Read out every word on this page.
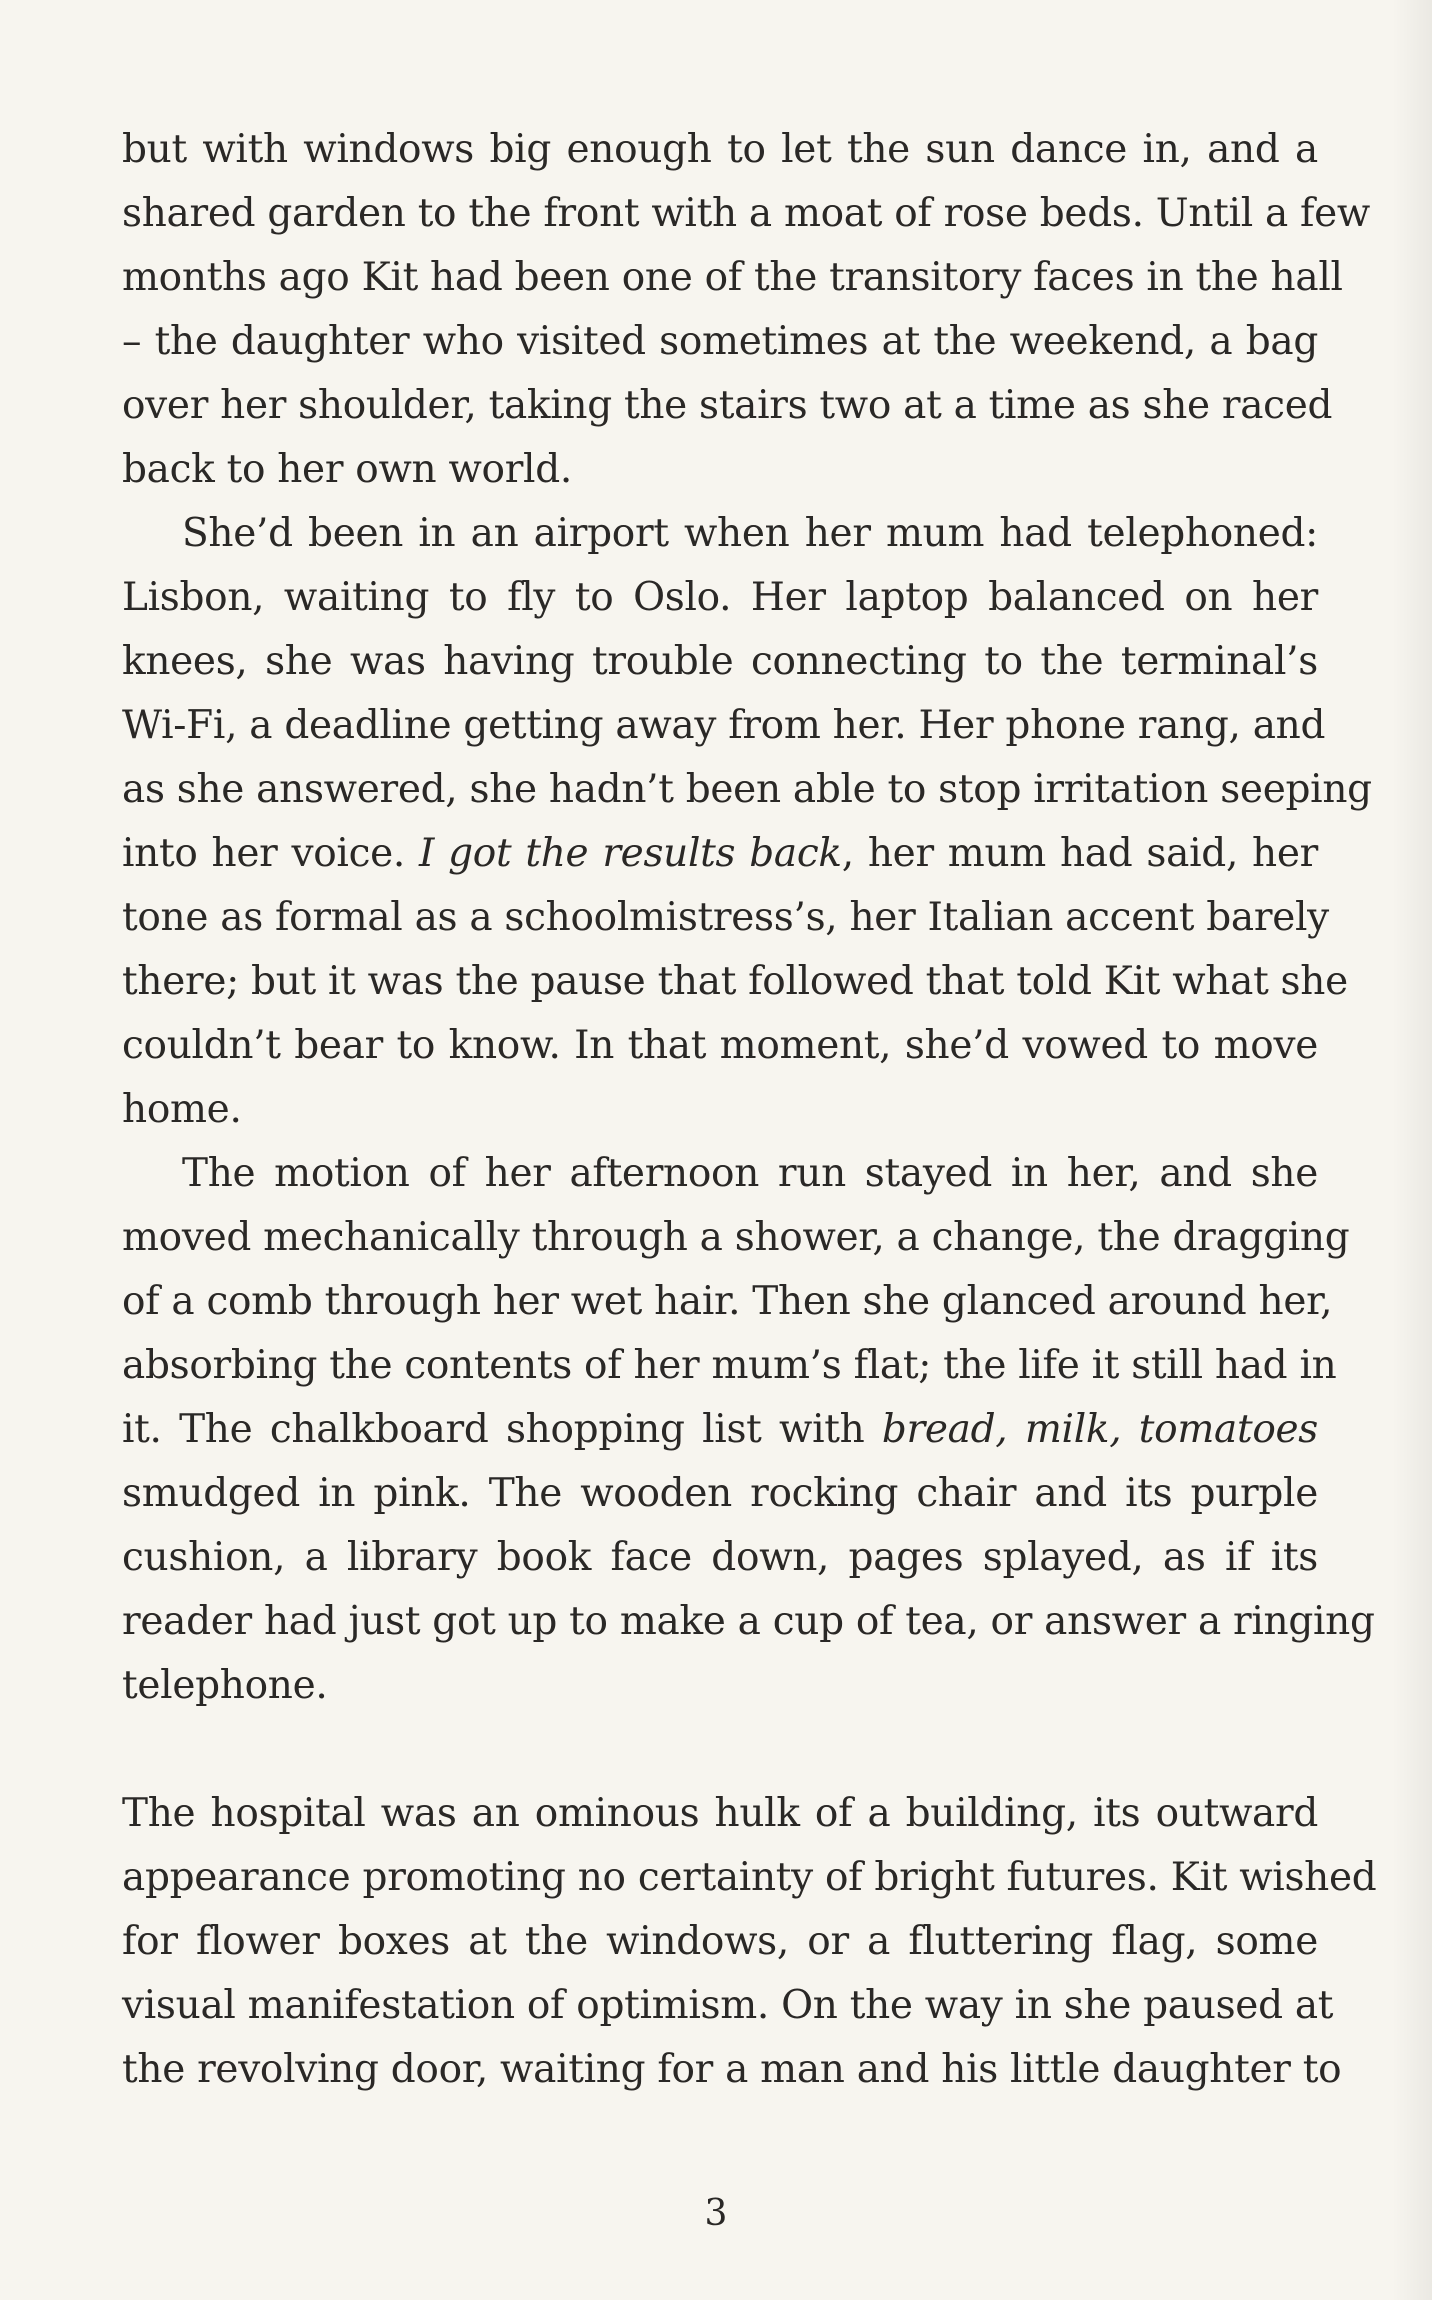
but with windows big enough to let the sun dance in, and a
shared garden to the front with a moat of rose beds. Until a few
months ago Kit had been one of the transitory faces in the hall
– the daughter who visited sometimes at the weekend, a bag
over her shoulder, taking the stairs two at a time as she raced
back to her own world.
She’d been in an airport when her mum had telephoned:
Lisbon, waiting to fly to Oslo. Her laptop balanced on her
knees, she was having trouble connecting to the terminal’s
Wi-Fi, a deadline getting away from her. Her phone rang, and
as she answered, she hadn’t been able to stop irritation seeping
into her voice. I got the results back, her mum had said, her
tone as formal as a schoolmistress’s, her Italian accent barely
there; but it was the pause that followed that told Kit what she
couldn’t bear to know. In that moment, she’d vowed to move
home.
The motion of her afternoon run stayed in her, and she
moved mechanically through a shower, a change, the dragging
of a comb through her wet hair. Then she glanced around her,
absorbing the contents of her mum’s flat; the life it still had in
it. The chalkboard shopping list with bread, milk, tomatoes
smudged in pink. The wooden rocking chair and its purple
cushion, a library book face down, pages splayed, as if its
reader had just got up to make a cup of tea, or answer a ringing
telephone.
The hospital was an ominous hulk of a building, its outward
appearance promoting no certainty of bright futures. Kit wished
for flower boxes at the windows, or a fluttering flag, some
visual manifestation of optimism. On the way in she paused at
the revolving door, waiting for a man and his little daughter to
3
